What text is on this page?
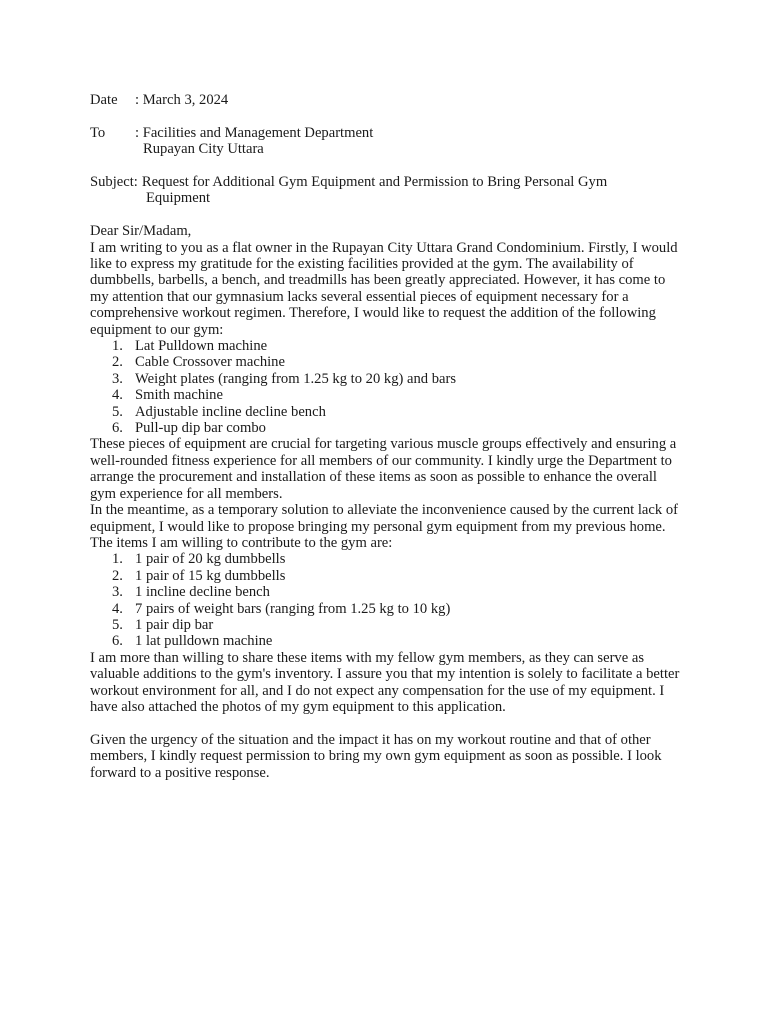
Date	: March 3, 2024
To	: Facilities and Management Department
Rupayan City Uttara
Subject: Request for Additional Gym Equipment and Permission to Bring Personal Gym
Equipment

Dear Sir/Madam,

I am writing to you as a flat owner in the Rupayan City Uttara Grand Condominium. Firstly, I would like to express my gratitude for the existing facilities provided at the gym. The availability of dumbbells, barbells, a bench, and treadmills has been greatly appreciated. However, it has come to my attention that our gymnasium lacks several essential pieces of equipment necessary for a comprehensive workout regimen. Therefore, I would like to request the addition of the following equipment to our gym:

1. Lat Pulldown machine
2. Cable Crossover machine
3. Weight plates (ranging from 1.25 kg to 20 kg) and bars
4. Smith machine
5. Adjustable incline decline bench
6. Pull-up dip bar combo

These pieces of equipment are crucial for targeting various muscle groups effectively and ensuring a well-rounded fitness experience for all members of our community. I kindly urge the Department to arrange the procurement and installation of these items as soon as possible to enhance the overall gym experience for all members.

In the meantime, as a temporary solution to alleviate the inconvenience caused by the current lack of equipment, I would like to propose bringing my personal gym equipment from my previous home. The items I am willing to contribute to the gym are:

1. 1 pair of 20 kg dumbbells
2. 1 pair of 15 kg dumbbells
3. 1 incline decline bench
4. 7 pairs of weight bars (ranging from 1.25 kg to 10 kg)
5. 1 pair dip bar
6. 1 lat pulldown machine

I am more than willing to share these items with my fellow gym members, as they can serve as valuable additions to the gym's inventory. I assure you that my intention is solely to facilitate a better workout environment for all, and I do not expect any compensation for the use of my equipment. I have also attached the photos of my gym equipment to this application.

Given the urgency of the situation and the impact it has on my workout routine and that of other members, I kindly request permission to bring my own gym equipment as soon as possible. I look forward to a positive response.
